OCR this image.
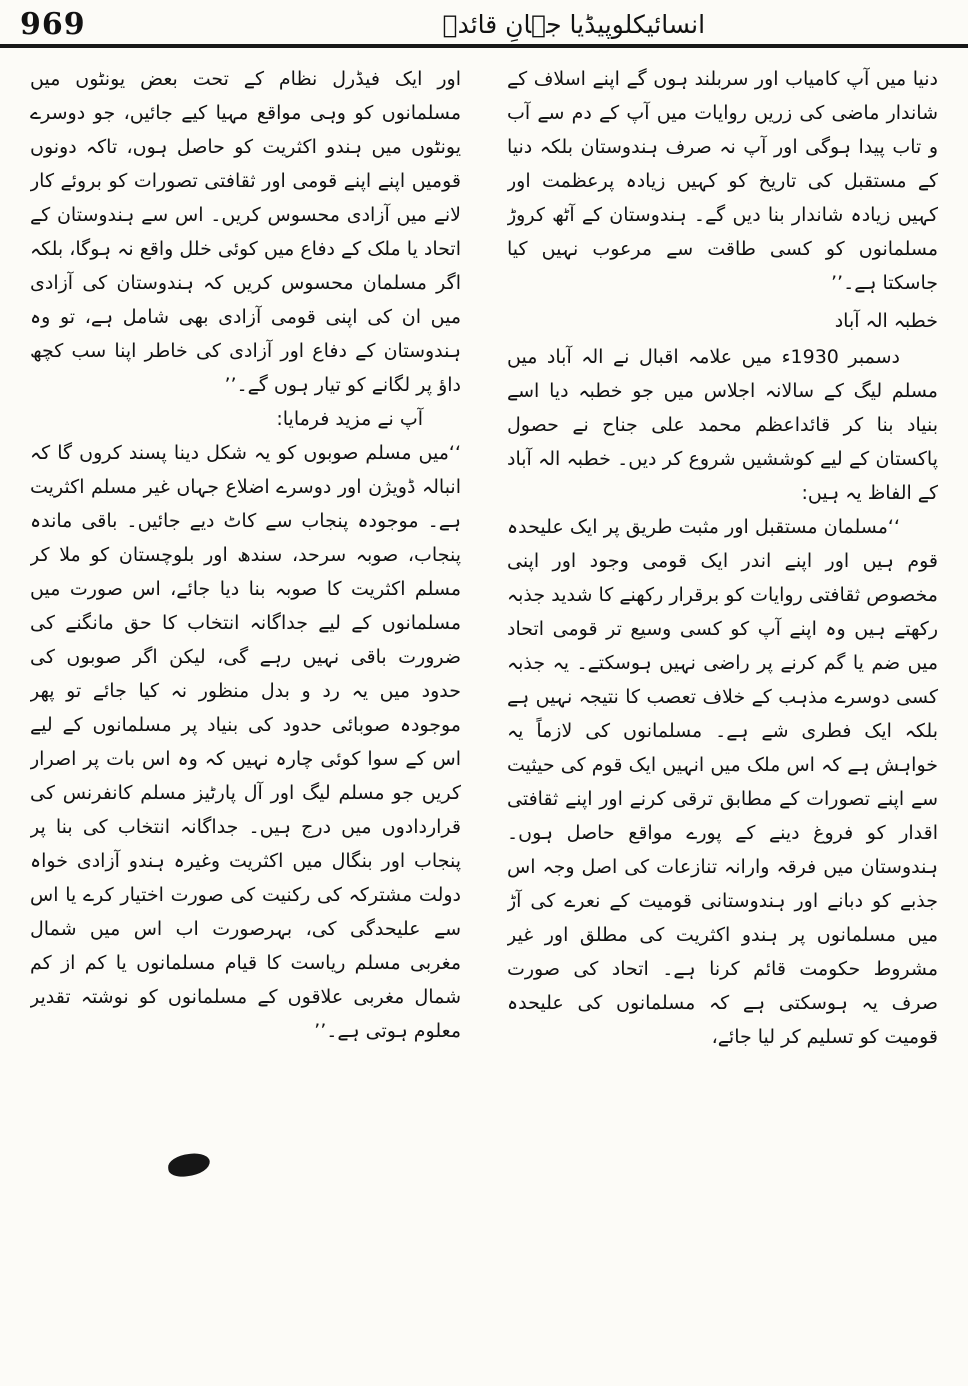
969	انسائیکلوپیڈیا جہانِ قائدؒ

دنیا میں آپ کامیاب اور سربلند ہوں گے اپنے اسلاف کے شاندار ماضی کی زریں روایات میں آپ کے دم سے آب و تاب پیدا ہوگی اور آپ نہ صرف ہندوستان بلکہ دنیا کے مستقبل کی تاریخ کو کہیں زیادہ پرعظمت اور کہیں زیادہ شاندار بنا دیں گے۔ ہندوستان کے آٹھ کروڑ مسلمانوں کو کسی طاقت سے مرعوب نہیں کیا جاسکتا ہے۔’’

خطبہ الہ آباد

دسمبر 1930ء میں علامہ اقبال نے الہ آباد میں مسلم لیگ کے سالانہ اجلاس میں جو خطبہ دیا اسے بنیاد بنا کر قائداعظم محمد علی جناح نے حصول پاکستان کے لیے کوششیں شروع کر دیں۔ خطبہ الہ آباد کے الفاظ یہ ہیں:

‘‘مسلمان مستقبل اور مثبت طریق پر ایک علیحدہ قوم ہیں اور اپنے اندر ایک قومی وجود اور اپنی مخصوص ثقافتی روایات کو برقرار رکھنے کا شدید جذبہ رکھتے ہیں وہ اپنے آپ کو کسی وسیع تر قومی اتحاد میں ضم یا گم کرنے پر راضی نہیں ہوسکتے۔ یہ جذبہ کسی دوسرے مذہب کے خلاف تعصب کا نتیجہ نہیں ہے بلکہ ایک فطری شے ہے۔ مسلمانوں کی لازماً یہ خواہش ہے کہ اس ملک میں انہیں ایک قوم کی حیثیت سے اپنے تصورات کے مطابق ترقی کرنے اور اپنے ثقافتی اقدار کو فروغ دینے کے پورے مواقع حاصل ہوں۔ ہندوستان میں فرقہ وارانہ تنازعات کی اصل وجہ اس جذبے کو دبانے اور ہندوستانی قومیت کے نعرے کی آڑ میں مسلمانوں پر ہندو اکثریت کی مطلق اور غیر مشروط حکومت قائم کرنا ہے۔ اتحاد کی صورت صرف یہ ہوسکتی ہے کہ مسلمانوں کی علیحدہ قومیت کو تسلیم کر لیا جائے،

اور ایک فیڈرل نظام کے تحت بعض یونٹوں میں مسلمانوں کو وہی مواقع مہیا کیے جائیں، جو دوسرے یونٹوں میں ہندو اکثریت کو حاصل ہوں، تاکہ دونوں قومیں اپنے اپنے قومی اور ثقافتی تصورات کو بروئے کار لانے میں آزادی محسوس کریں۔ اس سے ہندوستان کے اتحاد یا ملک کے دفاع میں کوئی خلل واقع نہ ہوگا، بلکہ اگر مسلمان محسوس کریں کہ ہندوستان کی آزادی میں ان کی اپنی قومی آزادی بھی شامل ہے، تو وہ ہندوستان کے دفاع اور آزادی کی خاطر اپنا سب کچھ داؤ پر لگانے کو تیار ہوں گے۔’’

آپ نے مزید فرمایا:

‘‘میں مسلم صوبوں کو یہ شکل دینا پسند کروں گا کہ انبالہ ڈویژن اور دوسرے اضلاع جہاں غیر مسلم اکثریت ہے۔ موجودہ پنجاب سے کاٹ دیے جائیں۔ باقی ماندہ پنجاب، صوبہ سرحد، سندھ اور بلوچستان کو ملا کر مسلم اکثریت کا صوبہ بنا دیا جائے، اس صورت میں مسلمانوں کے لیے جداگانہ انتخاب کا حق مانگنے کی ضرورت باقی نہیں رہے گی، لیکن اگر صوبوں کی حدود میں یہ رد و بدل منظور نہ کیا جائے تو پھر موجودہ صوبائی حدود کی بنیاد پر مسلمانوں کے لیے اس کے سوا کوئی چارہ نہیں کہ وہ اس بات پر اصرار کریں جو مسلم لیگ اور آل پارٹیز مسلم کانفرنس کی قراردادوں میں درج ہیں۔ جداگانہ انتخاب کی بنا پر پنجاب اور بنگال میں اکثریت وغیرہ ہندو آزادی خواہ دولت مشترکہ کی رکنیت کی صورت اختیار کرے یا اس سے علیحدگی کی، بہرصورت اب اس میں شمال مغربی مسلم ریاست کا قیام مسلمانوں یا کم از کم شمال مغربی علاقوں کے مسلمانوں کو نوشتہ تقدیر معلوم ہوتی ہے۔’’
